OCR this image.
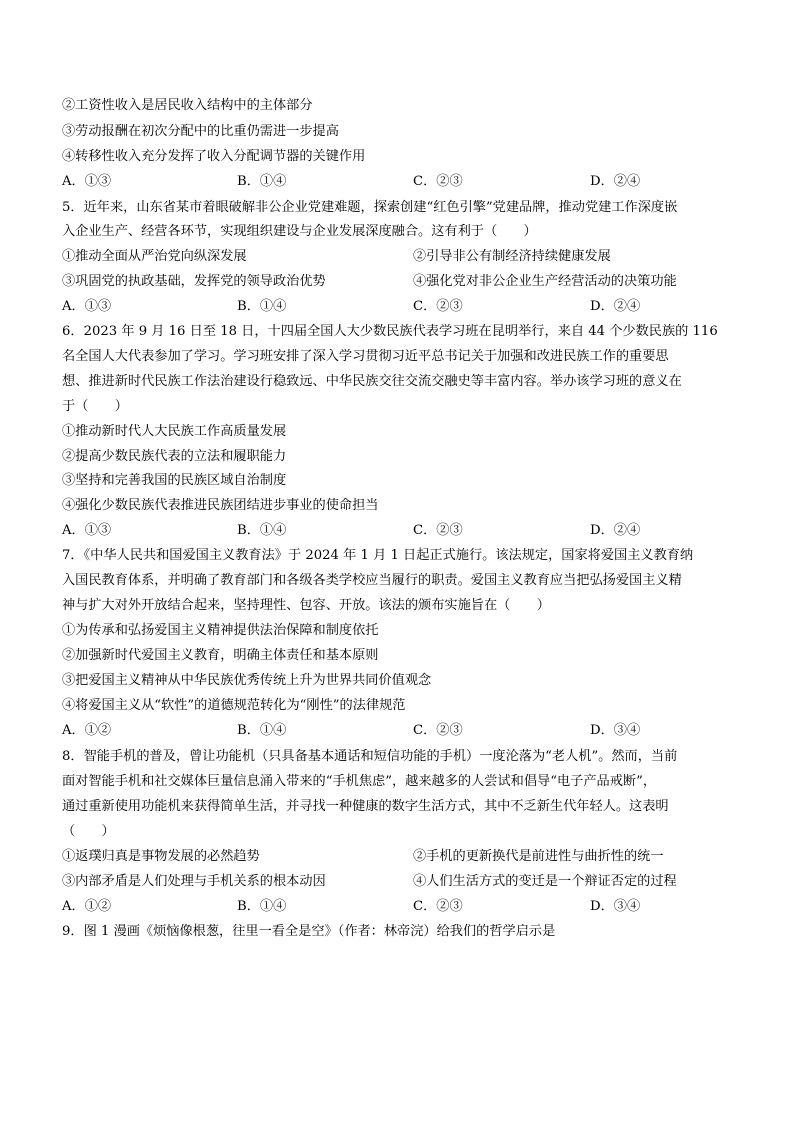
②工资性收入是居民收入结构中的主体部分
③劳动报酬在初次分配中的比重仍需进一步提高
④转移性收入充分发挥了收入分配调节器的关键作用
A．①③	B．①④	C．②③	D．②④
5．近年来，山东省某市着眼破解非公企业党建难题，探索创建“红色引擎”党建品牌，推动党建工作深度嵌
入企业生产、经营各环节，实现组织建设与企业发展深度融合。这有利于（　　）
①推动全面从严治党向纵深发展	②引导非公有制经济持续健康发展
③巩固党的执政基础，发挥党的领导政治优势	④强化党对非公企业生产经营活动的决策功能
A．①③	B．①④	C．②③	D．②④
6．2023 年 9 月 16 日至 18 日，十四届全国人大少数民族代表学习班在昆明举行，来自 44 个少数民族的 116
名全国人大代表参加了学习。学习班安排了深入学习贯彻习近平总书记关于加强和改进民族工作的重要思
想、推进新时代民族工作法治建设行稳致远、中华民族交往交流交融史等丰富内容。举办该学习班的意义在
于（　　）
①推动新时代人大民族工作高质量发展
②提高少数民族代表的立法和履职能力
③坚持和完善我国的民族区域自治制度
④强化少数民族代表推进民族团结进步事业的使命担当
A．①③	B．①④	C．②③	D．②④
7．《中华人民共和国爱国主义教育法》于 2024 年 1 月 1 日起正式施行。该法规定，国家将爱国主义教育纳
入国民教育体系，并明确了教育部门和各级各类学校应当履行的职责。爱国主义教育应当把弘扬爱国主义精
神与扩大对外开放结合起来，坚持理性、包容、开放。该法的颁布实施旨在（　　）
①为传承和弘扬爱国主义精神提供法治保障和制度依托
②加强新时代爱国主义教育，明确主体责任和基本原则
③把爱国主义精神从中华民族优秀传统上升为世界共同价值观念
④将爱国主义从“软性”的道德规范转化为“刚性”的法律规范
A．①②	B．①④	C．②③	D．③④
8．智能手机的普及，曾让功能机（只具备基本通话和短信功能的手机）一度沦落为“老人机”。然而，当前
面对智能手机和社交媒体巨量信息涌入带来的“手机焦虑”，越来越多的人尝试和倡导“电子产品戒断”，
通过重新使用功能机来获得简单生活，并寻找一种健康的数字生活方式，其中不乏新生代年轻人。这表明
（　　）
①返璞归真是事物发展的必然趋势	②手机的更新换代是前进性与曲折性的统一
③内部矛盾是人们处理与手机关系的根本动因	④人们生活方式的变迁是一个辩证否定的过程
A．①②	B．①④	C．②③	D．③④
9．图 1 漫画《烦恼像根葱，往里一看全是空》（作者：林帝浣）给我们的哲学启示是
